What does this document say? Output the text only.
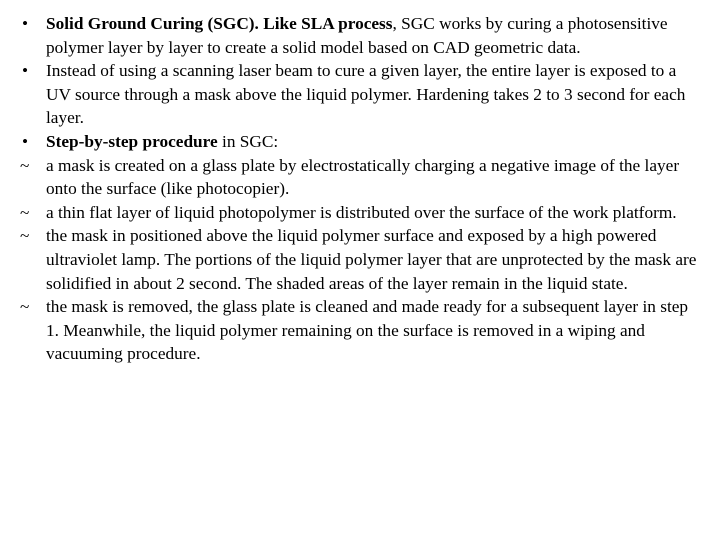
•	Solid Ground Curing (SGC). Like SLA process, SGC works by curing a photosensitive polymer layer by layer to create a solid model based on CAD geometric data.
•	Instead of using a scanning laser beam to cure a given layer, the entire layer is exposed to a UV source through a mask above the liquid polymer. Hardening takes 2 to 3 second for each layer.
•	Step-by-step procedure in SGC:
~ a mask is created on a glass plate by electrostatically charging a negative image of the layer onto the surface (like photocopier).
~ a thin flat layer of liquid photopolymer is distributed over the surface of the work platform.
~ the mask in positioned above the liquid polymer surface and exposed by a high powered ultraviolet lamp. The portions of the liquid polymer layer that are unprotected by the mask are solidified in about 2 second. The shaded areas of the layer remain in the liquid state.
~ the mask is removed, the glass plate is cleaned and made ready for a subsequent layer in step 1. Meanwhile, the liquid polymer remaining on the surface is removed in a wiping and vacuuming procedure.
